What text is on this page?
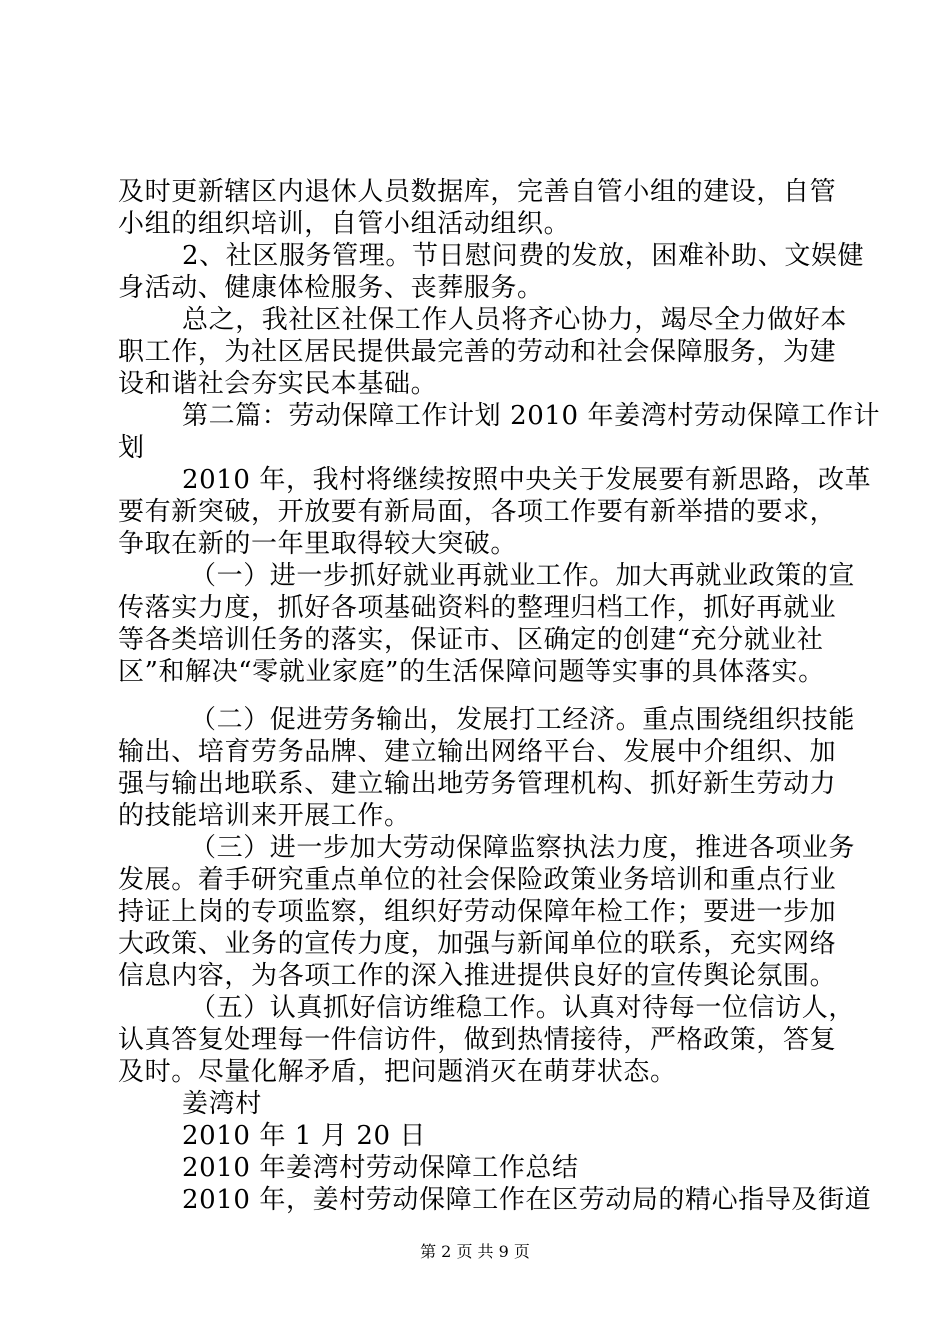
及时更新辖区内退休人员数据库，完善自管小组的建设，自管
小组的组织培训，自管小组活动组织。
2、社区服务管理。节日慰问费的发放，困难补助、文娱健
身活动、健康体检服务、丧葬服务。
总之，我社区社保工作人员将齐心协力，竭尽全力做好本
职工作，为社区居民提供最完善的劳动和社会保障服务，为建
设和谐社会夯实民本基础。
第二篇：劳动保障工作计划 2010 年姜湾村劳动保障工作计
划
2010 年，我村将继续按照中央关于发展要有新思路，改革
要有新突破，开放要有新局面，各项工作要有新举措的要求，
争取在新的一年里取得较大突破。
（一）进一步抓好就业再就业工作。加大再就业政策的宣
传落实力度，抓好各项基础资料的整理归档工作，抓好再就业
等各类培训任务的落实，保证市、区确定的创建“充分就业社
区”和解决“零就业家庭”的生活保障问题等实事的具体落实。
（二）促进劳务输出，发展打工经济。重点围绕组织技能
输出、培育劳务品牌、建立输出网络平台、发展中介组织、加
强与输出地联系、建立输出地劳务管理机构、抓好新生劳动力
的技能培训来开展工作。
（三）进一步加大劳动保障监察执法力度，推进各项业务
发展。着手研究重点单位的社会保险政策业务培训和重点行业
持证上岗的专项监察，组织好劳动保障年检工作；要进一步加
大政策、业务的宣传力度，加强与新闻单位的联系，充实网络
信息内容，为各项工作的深入推进提供良好的宣传舆论氛围。
（五）认真抓好信访维稳工作。认真对待每一位信访人，
认真答复处理每一件信访件，做到热情接待，严格政策，答复
及时。尽量化解矛盾，把问题消灭在萌芽状态。
姜湾村
2010 年 1 月 20 日
2010 年姜湾村劳动保障工作总结
2010 年，姜村劳动保障工作在区劳动局的精心指导及街道
第 2 页 共 9 页
